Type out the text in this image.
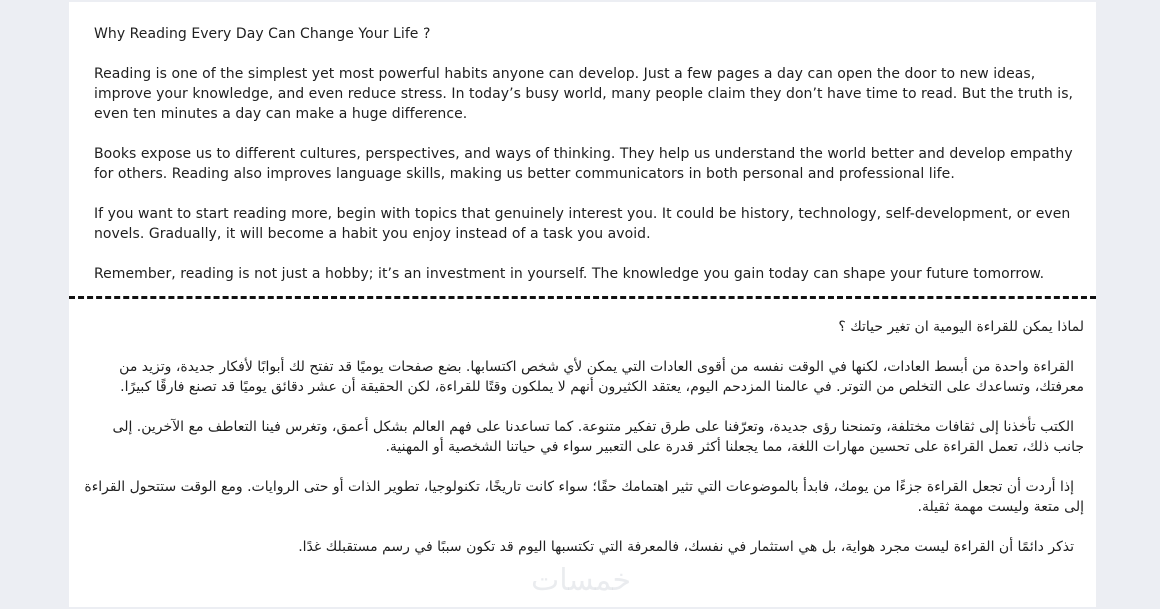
Why Reading Every Day Can Change Your Life ?

Reading is one of the simplest yet most powerful habits anyone can develop. Just a few pages a day can open the door to new ideas, improve your knowledge, and even reduce stress. In today’s busy world, many people claim they don’t have time to read. But the truth is, even ten minutes a day can make a huge difference.

Books expose us to different cultures, perspectives, and ways of thinking. They help us understand the world better and develop empathy for others. Reading also improves language skills, making us better communicators in both personal and professional life.

If you want to start reading more, begin with topics that genuinely interest you. It could be history, technology, self-development, or even novels. Gradually, it will become a habit you enjoy instead of a task you avoid.

Remember, reading is not just a hobby; it’s an investment in yourself. The knowledge you gain today can shape your future tomorrow.

لماذا يمكن للقراءة اليومية ان تغير حياتك ؟

القراءة واحدة من أبسط العادات، لكنها في الوقت نفسه من أقوى العادات التي يمكن لأي شخص اكتسابها. بضع صفحات يوميًا قد تفتح لك أبوابًا لأفكار جديدة، وتزيد من معرفتك، وتساعدك على التخلص من التوتر. في عالمنا المزدحم اليوم، يعتقد الكثيرون أنهم لا يملكون وقتًا للقراءة، لكن الحقيقة أن عشر دقائق يوميًا قد تصنع فارقًا كبيرًا.

الكتب تأخذنا إلى ثقافات مختلفة، وتمنحنا رؤى جديدة، وتعرّفنا على طرق تفكير متنوعة. كما تساعدنا على فهم العالم بشكل أعمق، وتغرس فينا التعاطف مع الآخرين. إلى جانب ذلك، تعمل القراءة على تحسين مهارات اللغة، مما يجعلنا أكثر قدرة على التعبير سواء في حياتنا الشخصية أو المهنية.

إذا أردت أن تجعل القراءة جزءًا من يومك، فابدأ بالموضوعات التي تثير اهتمامك حقًا؛ سواء كانت تاريخًا، تكنولوجيا، تطوير الذات أو حتى الروايات. ومع الوقت ستتحول القراءة إلى متعة وليست مهمة ثقيلة.

تذكر دائمًا أن القراءة ليست مجرد هواية، بل هي استثمار في نفسك، فالمعرفة التي تكتسبها اليوم قد تكون سببًا في رسم مستقبلك غدًا.

خمسات
